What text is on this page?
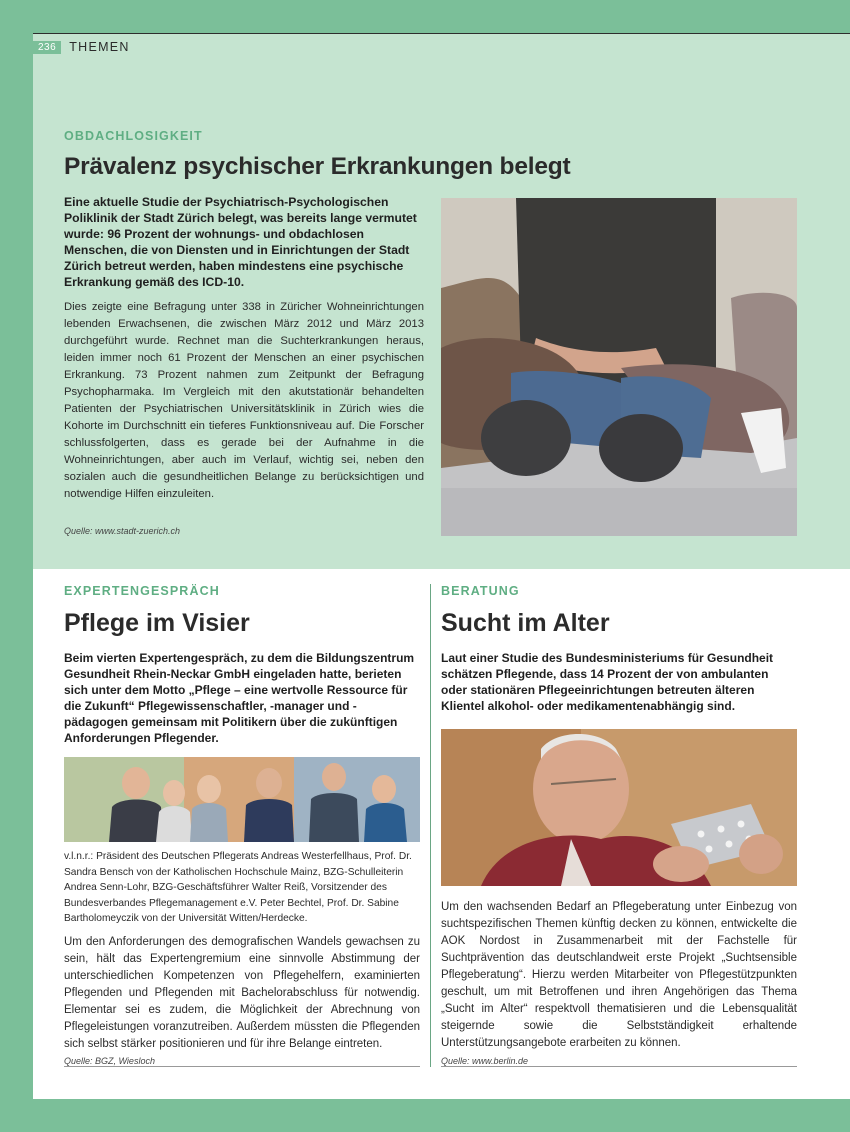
236	THEMEN
OBDACHLOSIGKEIT
Prävalenz psychischer Erkrankungen belegt
Eine aktuelle Studie der Psychiatrisch-Psychologischen Poliklinik der Stadt Zürich belegt, was bereits lange vermutet wurde: 96 Prozent der wohnungs- und obdachlosen Menschen, die von Diensten und in Einrichtungen der Stadt Zürich betreut werden, haben mindestens eine psychische Erkrankung gemäß des ICD-10.
Dies zeigte eine Befragung unter 338 in Züricher Wohneinrichtungen lebenden Erwachsenen, die zwischen März 2012 und März 2013 durchgeführt wurde. Rechnet man die Suchterkrankungen heraus, leiden immer noch 61 Prozent der Menschen an einer psychischen Erkrankung. 73 Prozent nahmen zum Zeitpunkt der Befragung Psychopharmaka. Im Vergleich mit den akutstationär behandelten Patienten der Psychiatrischen Universitätsklinik in Zürich wies die Kohorte im Durchschnitt ein tieferes Funktionsniveau auf. Die Forscher schlussfolgerten, dass es gerade bei der Aufnahme in die Wohneinrichtungen, aber auch im Verlauf, wichtig sei, neben den sozialen auch die gesundheitlichen Belange zu berücksichtigen und notwendige Hilfen einzuleiten.
Quelle: www.stadt-zuerich.ch
EXPERTENGESPRÄCH
Pflege im Visier
Beim vierten Expertengespräch, zu dem die Bildungszentrum Gesundheit Rhein-Neckar GmbH eingeladen hatte, berieten sich unter dem Motto „Pflege – eine wertvolle Ressource für die Zukunft“ Pflegewissenschaftler, -manager und -pädagogen gemeinsam mit Politikern über die zukünftigen Anforderungen Pflegender.
v.l.n.r.: Präsident des Deutschen Pflegerats Andreas Westerfellhaus, Prof. Dr. Sandra Bensch von der Katholischen Hochschule Mainz, BZG-Schulleiterin Andrea Senn-Lohr, BZG-Geschäftsführer Walter Reiß, Vorsitzender des Bundesverbandes Pflegemanagement e.V. Peter Bechtel, Prof. Dr. Sabine Bartholomeyczik von der Universität Witten/Herdecke.
Um den Anforderungen des demografischen Wandels gewachsen zu sein, hält das Expertengremium eine sinnvolle Abstimmung der unterschiedlichen Kompetenzen von Pflegehelfern, examinierten Pflegenden und Pflegenden mit Bachelorabschluss für notwendig. Elementar sei es zudem, die Möglichkeit der Abrechnung von Pflegeleistungen voranzutreiben. Außerdem müssten die Pflegenden sich selbst stärker positionieren und für ihre Belange eintreten.
Quelle: BGZ, Wiesloch
BERATUNG
Sucht im Alter
Laut einer Studie des Bundesministeriums für Gesundheit schätzen Pflegende, dass 14 Prozent der von ambulanten oder stationären Pflegeeinrichtungen betreuten älteren Klientel alkohol- oder medikamentenabhängig sind.
Um den wachsenden Bedarf an Pflegeberatung unter Einbezug von suchtspezifischen Themen künftig decken zu können, entwickelte die AOK Nordost in Zusammenarbeit mit der Fachstelle für Suchtprävention das deutschlandweit erste Projekt „Suchtsensible Pflegeberatung“. Hierzu werden Mitarbeiter von Pflegestützpunkten geschult, um mit Betroffenen und ihren Angehörigen das Thema „Sucht im Alter“ respektvoll thematisieren und die Lebensqualität steigernde sowie die Selbstständigkeit erhaltende Unterstützungsangebote erarbeiten zu können.
Quelle: www.berlin.de
